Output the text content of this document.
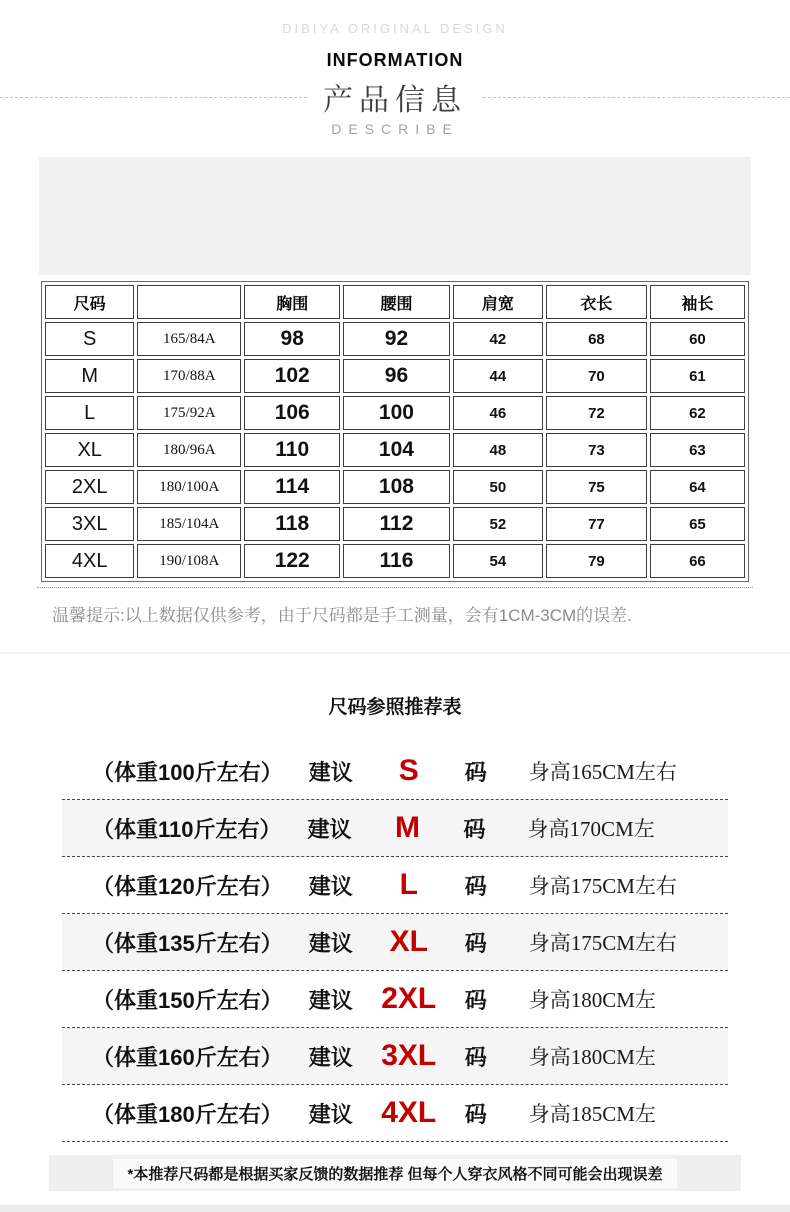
DIBIYA ORIGINAL DESIGN
INFORMATION
产品信息
DESCRIBE
尺码		胸围	腰围	肩宽	衣长	袖长
S	165/84A	98	92	42	68	60
M	170/88A	102	96	44	70	61
L	175/92A	106	100	46	72	62
XL	180/96A	110	104	48	73	63
2XL	180/100A	114	108	50	75	64
3XL	185/104A	118	112	52	77	65
4XL	190/108A	122	116	54	79	66
温馨提示:以上数据仅供参考，由于尺码都是手工测量，会有1CM-3CM的误差.
尺码参照推荐表
（体重100斤左右） 建议	S	码 身高165CM左右
（体重110斤左右） 建议	M	码 身高170CM左
（体重120斤左右） 建议	L	码 身高175CM左右
（体重135斤左右） 建议	XL	码 身高175CM左右
（体重150斤左右） 建议 2XL	码 身高180CM左
（体重160斤左右） 建议 3XL	码 身高180CM左
（体重180斤左右） 建议 4XL	码 身高185CM左
*本推荐尺码都是根据买家反馈的数据推荐 但每个人穿衣风格不同可能会出现误差
